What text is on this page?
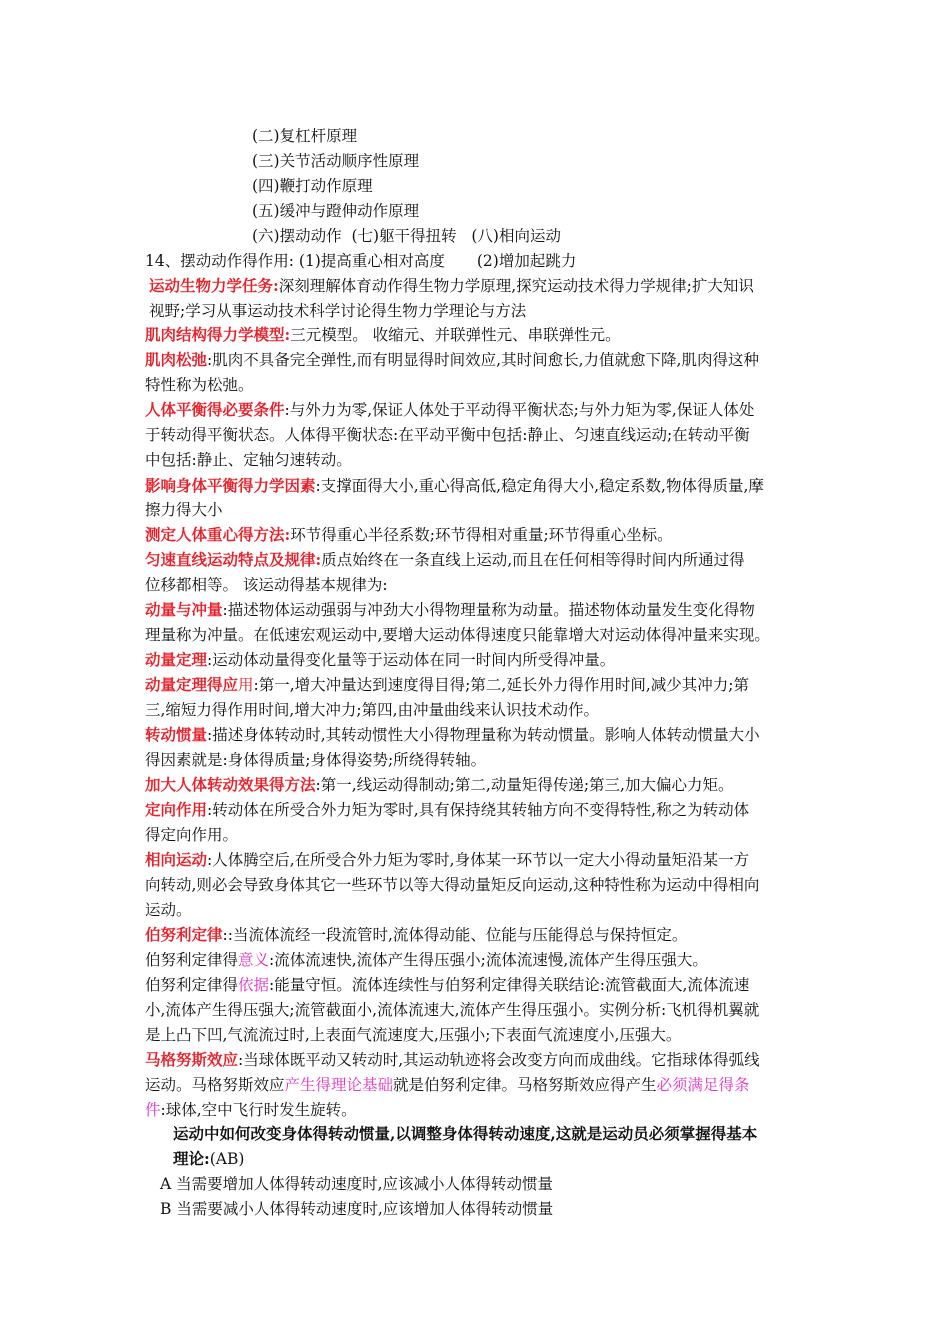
(二)复杠杆原理
(三)关节活动顺序性原理
(四)鞭打动作原理
(五)缓冲与蹬伸动作原理
(六)摆动动作 (七)躯干得扭转 (八)相向运动
14、摆动动作得作用: (1)提高重心相对高度 (2)增加起跳力
运动生物力学任务:深刻理解体育动作得生物力学原理,探究运动技术得力学规律;扩大知识
视野;学习从事运动技术科学讨论得生物力学理论与方法
肌肉结构得力学模型:三元模型。 收缩元、并联弹性元、串联弹性元。
肌肉松弛:肌肉不具备完全弹性,而有明显得时间效应,其时间愈长,力值就愈下降,肌肉得这种
特性称为松弛。
人体平衡得必要条件:与外力为零,保证人体处于平动得平衡状态;与外力矩为零,保证人体处
于转动得平衡状态。人体得平衡状态:在平动平衡中包括:静止、匀速直线运动;在转动平衡
中包括:静止、定轴匀速转动。
影响身体平衡得力学因素:支撑面得大小,重心得高低,稳定角得大小,稳定系数,物体得质量,摩
擦力得大小
测定人体重心得方法:环节得重心半径系数;环节得相对重量;环节得重心坐标。
匀速直线运动特点及规律:质点始终在一条直线上运动,而且在任何相等得时间内所通过得
位移都相等。 该运动得基本规律为:
动量与冲量:描述物体运动强弱与冲劲大小得物理量称为动量。描述物体动量发生变化得物
理量称为冲量。在低速宏观运动中,要增大运动体得速度只能靠增大对运动体得冲量来实现。
动量定理:运动体动量得变化量等于运动体在同一时间内所受得冲量。
动量定理得应用:第一,增大冲量达到速度得目得;第二,延长外力得作用时间,减少其冲力;第
三,缩短力得作用时间,增大冲力;第四,由冲量曲线来认识技术动作。
转动惯量:描述身体转动时,其转动惯性大小得物理量称为转动惯量。影响人体转动惯量大小
得因素就是:身体得质量;身体得姿势;所绕得转轴。
加大人体转动效果得方法:第一,线运动得制动;第二,动量矩得传递;第三,加大偏心力矩。
定向作用:转动体在所受合外力矩为零时,具有保持绕其转轴方向不变得特性,称之为转动体
得定向作用。
相向运动:人体腾空后,在所受合外力矩为零时,身体某一环节以一定大小得动量矩沿某一方
向转动,则必会导致身体其它一些环节以等大得动量矩反向运动,这种特性称为运动中得相向
运动。
伯努利定律::当流体流经一段流管时,流体得动能、位能与压能得总与保持恒定。
伯努利定律得意义:流体流速快,流体产生得压强小;流体流速慢,流体产生得压强大。
伯努利定律得依据:能量守恒。流体连续性与伯努利定律得关联结论:流管截面大,流体流速
小,流体产生得压强大;流管截面小,流体流速大,流体产生得压强小。实例分析:飞机得机翼就
是上凸下凹,气流流过时,上表面气流速度大,压强小;下表面气流速度小,压强大。
马格努斯效应:当球体既平动又转动时,其运动轨迹将会改变方向而成曲线。它指球体得弧线
运动。马格努斯效应产生得理论基础就是伯努利定律。马格努斯效应得产生必须满足得条
件:球体,空中飞行时发生旋转。
运动中如何改变身体得转动惯量,以调整身体得转动速度,这就是运动员必须掌握得基本
理论:(AB)
A 当需要增加人体得转动速度时,应该减小人体得转动惯量
B 当需要减小人体得转动速度时,应该增加人体得转动惯量
